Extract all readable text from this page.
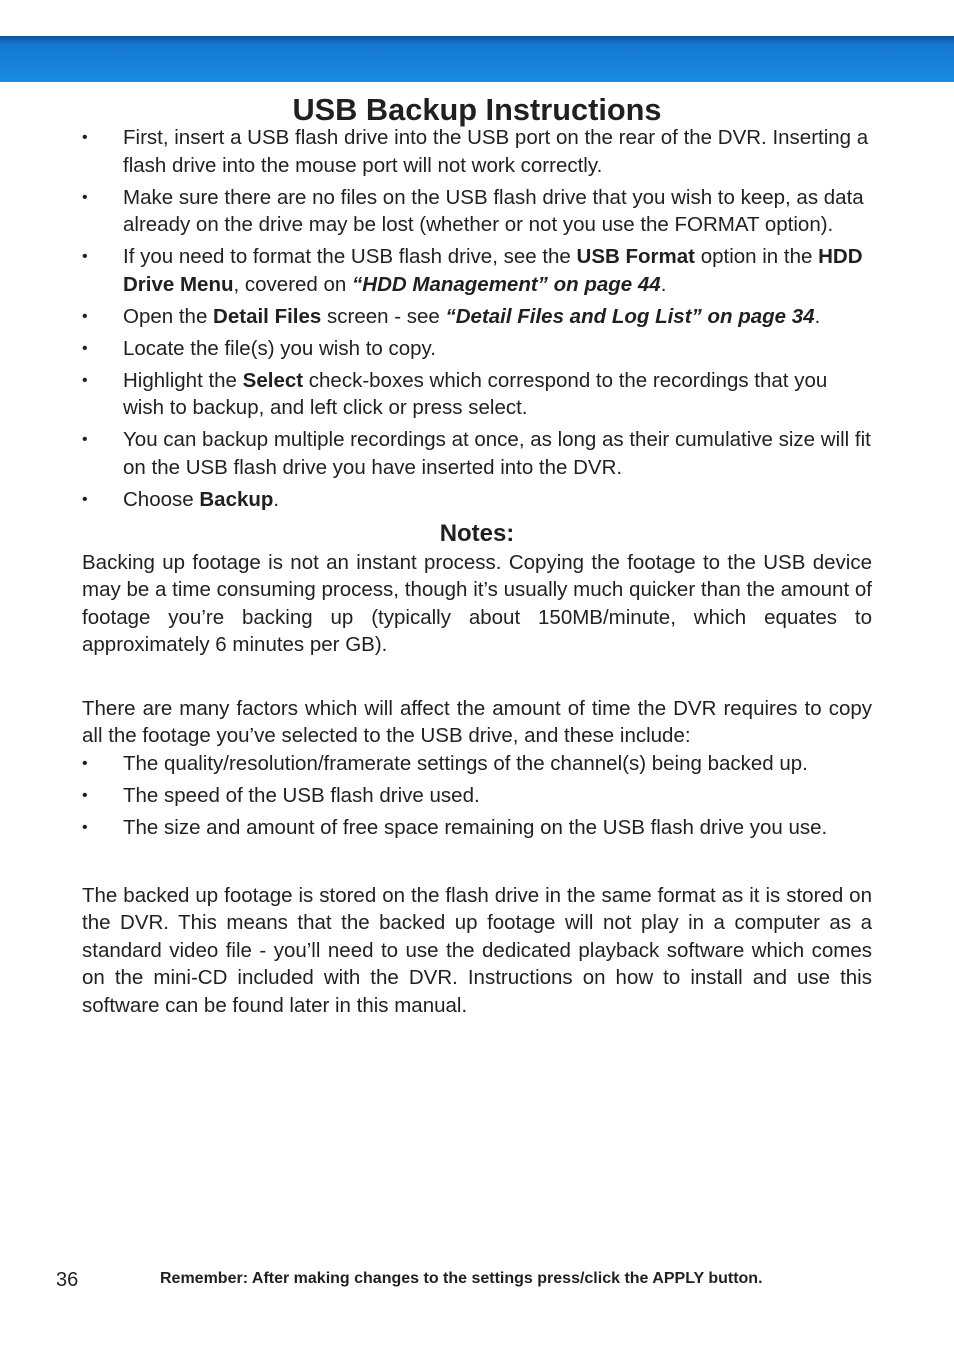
USB Backup Instructions
• First, insert a USB flash drive into the USB port on the rear of the DVR. Inserting a flash drive into the mouse port will not work correctly.
• Make sure there are no files on the USB flash drive that you wish to keep, as data already on the drive may be lost (whether or not you use the FORMAT option).
• If you need to format the USB flash drive, see the USB Format option in the HDD Drive Menu, covered on “HDD Management” on page 44.
• Open the Detail Files screen - see “Detail Files and Log List” on page 34.
• Locate the file(s) you wish to copy.
• Highlight the Select check-boxes which correspond to the recordings that you wish to backup, and left click or press select.
• You can backup multiple recordings at once, as long as their cumulative size will fit on the USB flash drive you have inserted into the DVR.
• Choose Backup.
Notes:

Backing up footage is not an instant process. Copying the footage to the USB device may be a time consuming process, though it’s usually much quicker than the amount of footage you’re backing up (typically about 150MB/minute, which equates to approximately 6 minutes per GB).

There are many factors which will affect the amount of time the DVR requires to copy all the footage you’ve selected to the USB drive, and these include:

• The quality/resolution/framerate settings of the channel(s) being backed up.
• The speed of the USB flash drive used.
• The size and amount of free space remaining on the USB flash drive you use.

The backed up footage is stored on the flash drive in the same format as it is stored on the DVR. This means that the backed up footage will not play in a computer as a standard video file - you’ll need to use the dedicated playback software which comes on the mini-CD included with the DVR. Instructions on how to install and use this software can be found later in this manual.

36	Remember: After making changes to the settings press/click the APPLY button.
